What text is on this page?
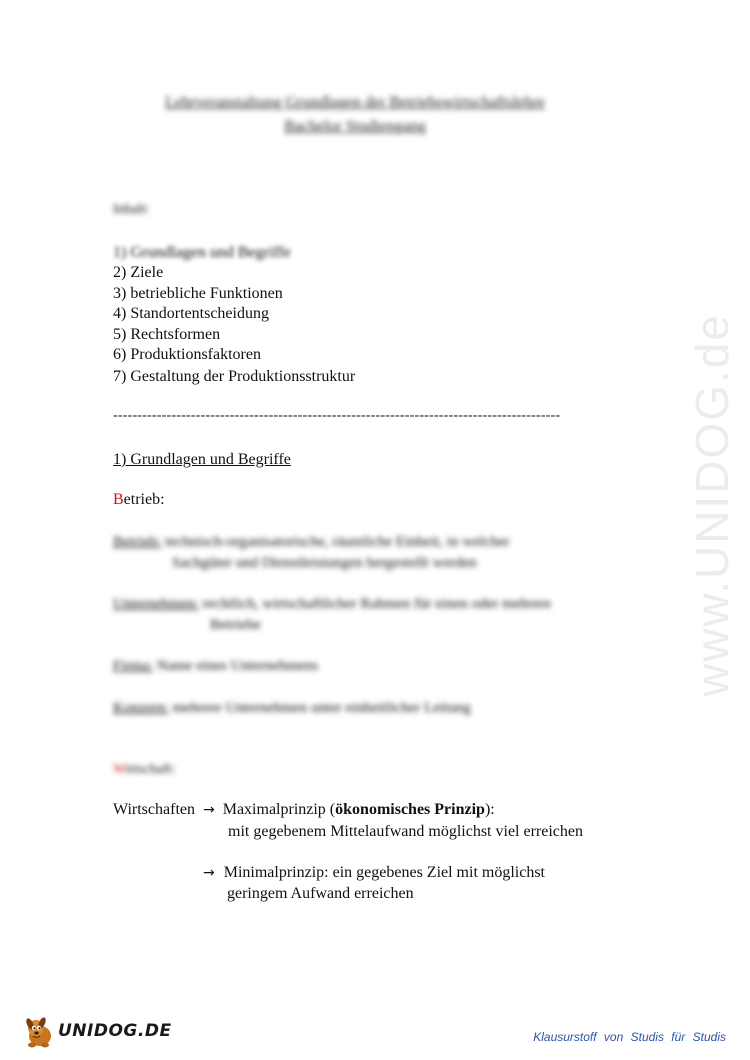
www.UNIDOG.de
Lehrveranstaltung Grundlagen der Betriebswirtschaftslehre
Bachelor Studiengang
Inhalt:
1) Grundlagen und Begriffe
2) Ziele
3) betriebliche Funktionen
4) Standortentscheidung
5) Rechtsformen
6) Produktionsfaktoren
7) Gestaltung der Produktionsstruktur
--------------------------------------------------------------------------------------------
1) Grundlagen und Begriffe
Betrieb:
Betrieb: technisch-organisatorische, räumliche Einheit, in welcher
Sachgüter und Dienstleistungen hergestellt werden
Unternehmen: rechtlich, wirtschaftlicher Rahmen für einen oder mehrere
Betriebe
Firma: Name eines Unternehmens
Konzern: mehrere Unternehmen unter einheitlicher Leitung
Wirtschaft:
Wirtschaften → Maximalprinzip (ökonomisches Prinzip):
mit gegebenem Mittelaufwand möglichst viel erreichen
→ Minimalprinzip: ein gegebenes Ziel mit möglichst
geringem Aufwand erreichen
UNIDOG.DE	Klausurstoff von Studis für Studis
